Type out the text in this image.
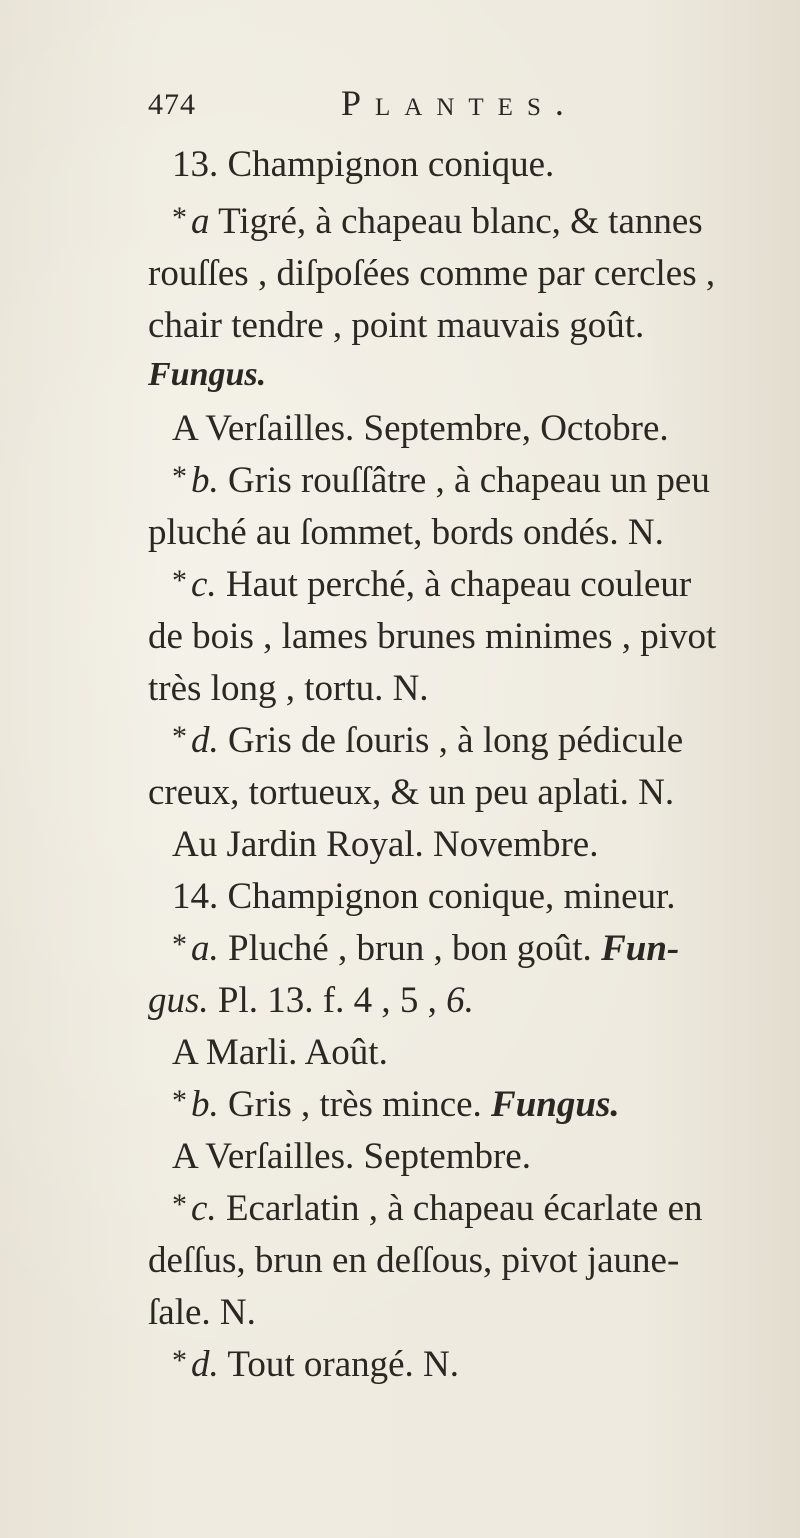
474	Plantes.
13. Champignon conique.
* a Tigré, à chapeau blanc, & tannes
rouſſes , diſpoſées comme par cercles ,
chair tendre , point mauvais goût.
Fungus.
A Verſailles. Septembre, Octobre.
* b. Gris rouſſâtre , à chapeau un peu
pluché au ſommet, bords ondés. N.
* c. Haut perché, à chapeau couleur
de bois , lames brunes minimes , pivot
très long , tortu. N.
* d. Gris de ſouris , à long pédicule
creux, tortueux, & un peu aplati. N.
Au Jardin Royal. Novembre.
14. Champignon conique, mineur.
* a. Pluché , brun , bon goût. Fun-
gus. Pl. 13. f. 4 , 5 , 6.
A Marli. Août.
* b. Gris , très mince. Fungus.
A Verſailles. Septembre.
* c. Ecarlatin , à chapeau écarlate en
deſſus, brun en deſſous, pivot jaune-
ſale. N.
* d. Tout orangé. N.
